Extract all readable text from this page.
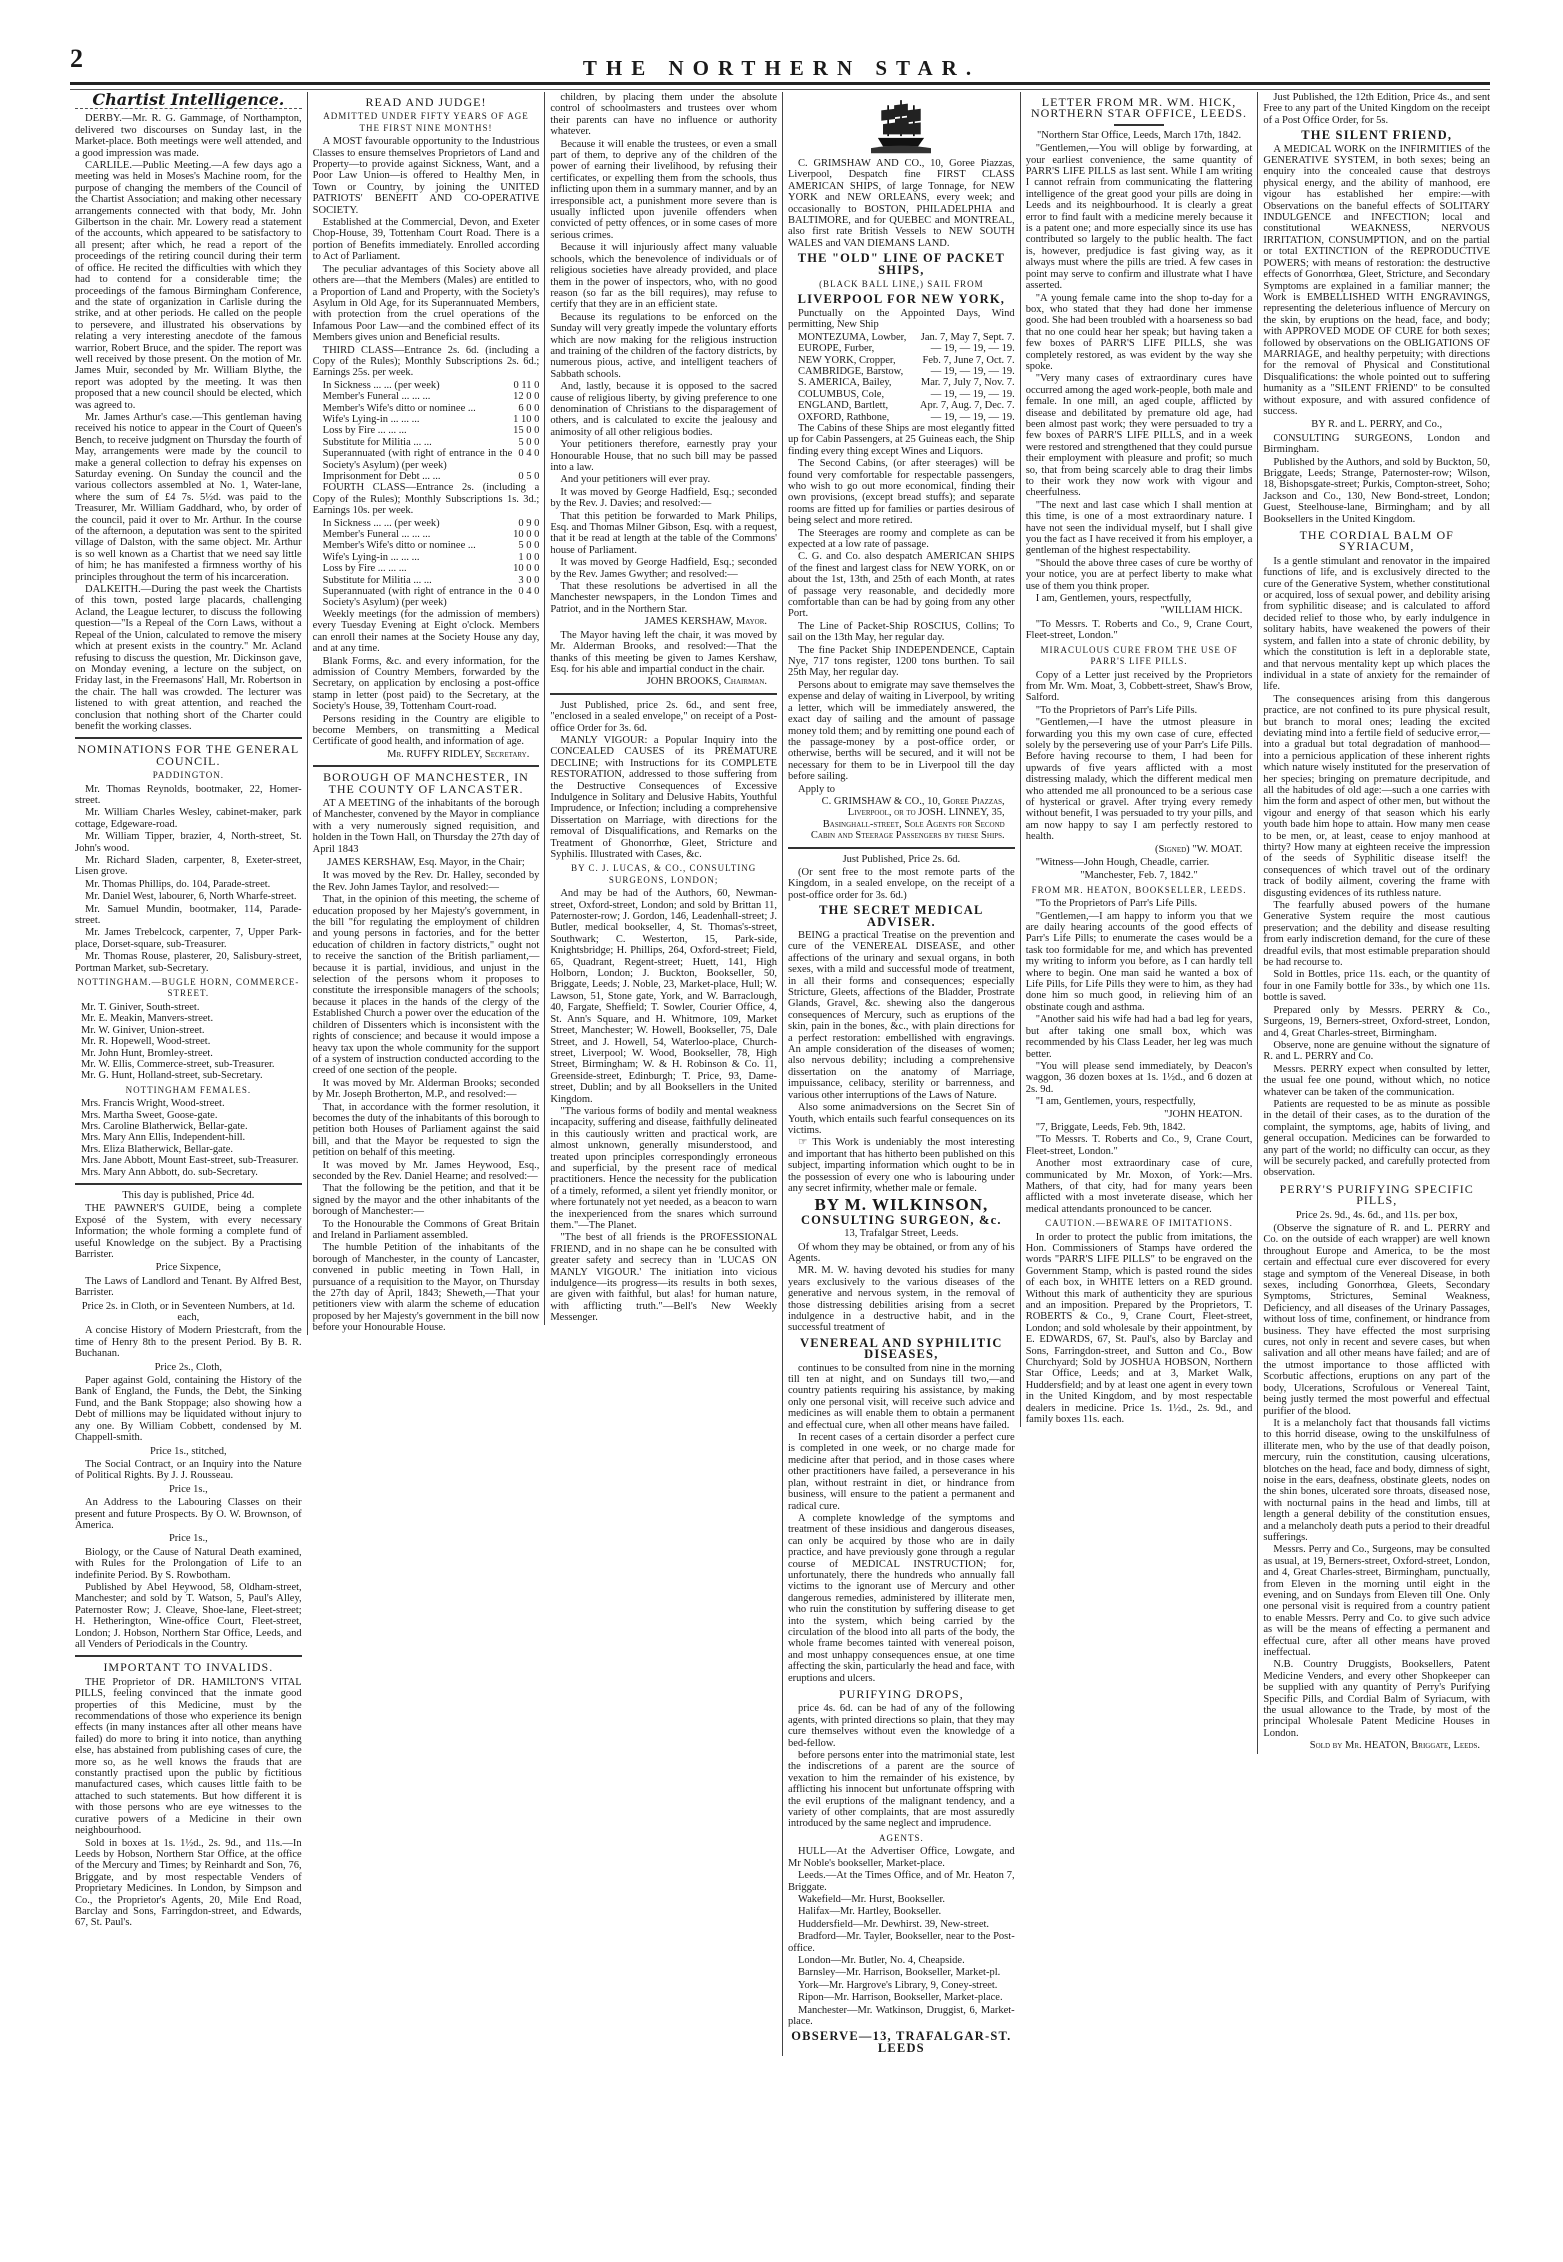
2	THE NORTHERN STAR.
Chartist Intelligence.

DERBY.—Mr. R. G. Gammage, of Northampton, delivered two discourses on Sunday last, in the Market-place. Both meetings were well attended, and a good impression was made.

CARLILE.—Public Meeting.—A few days ago a meeting was held in Moses's Machine room, for the purpose of changing the members of the Council of the Chartist Association; and making other necessary arrangements connected with that body, Mr. John Gilbertson in the chair. Mr. Lowery read a statement of the accounts, which appeared to be satisfactory to all present; after which, he read a report of the proceedings of the retiring council during their term of office. He recited the difficulties with which they had to contend for a considerable time; the proceedings of the famous Birmingham Conference, and the state of organization in Carlisle during the strike, and at other periods. He called on the people to persevere, and illustrated his observations by relating a very interesting anecdote of the famous warrior, Robert Bruce, and the spider. The report was well received by those present. On the motion of Mr. James Muir, seconded by Mr. William Blythe, the report was adopted by the meeting. It was then proposed that a new council should be elected, which was agreed to.

Mr. James Arthur's case.—This gentleman having received his notice to appear in the Court of Queen's Bench, to receive judgment on Thursday the fourth of May, arrangements were made by the council to make a general collection to defray his expenses on Saturday evening. On Sunday the council and the various collectors assembled at No. 1, Water-lane, where the sum of £4 7s. 5½d. was paid to the Treasurer, Mr. William Gaddhard, who, by order of the council, paid it over to Mr. Arthur. In the course of the afternoon, a deputation was sent to the spirited village of Dalston, with the same object. Mr. Arthur is so well known as a Chartist that we need say little of him; he has manifested a firmness worthy of his principles throughout the term of his incarceration.

DALKEITH.—During the past week the Chartists of this town, posted large placards, challenging Acland, the League lecturer, to discuss the following question—"Is a Repeal of the Corn Laws, without a Repeal of the Union, calculated to remove the misery which at present exists in the country." Mr. Acland refusing to discuss the question, Mr. Dickinson gave, on Monday evening, a lecture on the subject, on Friday last, in the Freemasons' Hall, Mr. Robertson in the chair. The hall was crowded. The lecturer was listened to with great attention, and reached the conclusion that nothing short of the Charter could benefit the working classes.

NOMINATIONS FOR THE GENERAL COUNCIL.
PADDINGTON.

Mr. Thomas Reynolds, bootmaker, 22, Homer-street.

Mr. William Charles Wesley, cabinet-maker, park cottage, Edgeware-road.

Mr. William Tipper, brazier, 4, North-street, St. John's wood.

Mr. Richard Sladen, carpenter, 8, Exeter-street, Lisen grove.

Mr. Thomas Phillips, do. 104, Parade-street.

Mr. Daniel West, labourer, 6, North Wharfe-street.

Mr. Samuel Mundin, bootmaker, 114, Parade-street.

Mr. James Trebelcock, carpenter, 7, Upper Park-place, Dorset-square, sub-Treasurer.

Mr. Thomas Rouse, plasterer, 20, Salisbury-street, Portman Market, sub-Secretary.

NOTTINGHAM.—BUGLE HORN, COMMERCE-STREET.
Mr. T. Giniver, South-street.
Mr. E. Meakin, Manvers-street.
Mr. W. Giniver, Union-street.
Mr. R. Hopewell, Wood-street.
Mr. John Hunt, Bromley-street.
Mr. W. Ellis, Commerce-street, sub-Treasurer.
Mr. G. Hunt, Holland-street, sub-Secretary.
NOTTINGHAM FEMALES.
Mrs. Francis Wright, Wood-street.
Mrs. Martha Sweet, Goose-gate.
Mrs. Caroline Blatherwick, Bellar-gate.
Mrs. Mary Ann Ellis, Independent-hill.
Mrs. Eliza Blatherwick, Bellar-gate.
Mrs. Jane Abbott, Mount East-street, sub-Treasurer.
Mrs. Mary Ann Abbott, do. sub-Secretary.
This day is published, Price 4d.

THE PAWNER'S GUIDE, being a complete Exposé of the System, with every necessary Information; the whole forming a complete fund of useful Knowledge on the subject. By a Practising Barrister.

Price Sixpence,

The Laws of Landlord and Tenant. By Alfred Best, Barrister.

Price 2s. in Cloth, or in Seventeen Numbers, at 1d. each,

A concise History of Modern Priestcraft, from the time of Henry 8th to the present Period. By B. R. Buchanan.

Price 2s., Cloth,

Paper against Gold, containing the History of the Bank of England, the Funds, the Debt, the Sinking Fund, and the Bank Stoppage; also showing how a Debt of millions may be liquidated without injury to any one. By William Cobbett, condensed by M. Chappell-smith.

Price 1s., stitched,

The Social Contract, or an Inquiry into the Nature of Political Rights. By J. J. Rousseau.

Price 1s.,

An Address to the Labouring Classes on their present and future Prospects. By O. W. Brownson, of America.

Price 1s.,

Biology, or the Cause of Natural Death examined, with Rules for the Prolongation of Life to an indefinite Period. By S. Rowbotham.

Published by Abel Heywood, 58, Oldham-street, Manchester; and sold by T. Watson, 5, Paul's Alley, Paternoster Row; J. Cleave, Shoe-lane, Fleet-street; H. Hetherington, Wine-office Court, Fleet-street, London; J. Hobson, Northern Star Office, Leeds, and all Venders of Periodicals in the Country.

IMPORTANT TO INVALIDS.

THE Proprietor of DR. HAMILTON'S VITAL PILLS, feeling convinced that the inmate good properties of this Medicine, must by the recommendations of those who experience its benign effects (in many instances after all other means have failed) do more to bring it into notice, than anything else, has abstained from publishing cases of cure, the more so, as he well knows the frauds that are constantly practised upon the public by fictitious manufactured cases, which causes little faith to be attached to such statements. But how different it is with those persons who are eye witnesses to the curative powers of a Medicine in their own neighbourhood.

Sold in boxes at 1s. 1½d., 2s. 9d., and 11s.—In Leeds by Hobson, Northern Star Office, at the office of the Mercury and Times; by Reinhardt and Son, 76, Briggate, and by most respectable Venders of Proprietary Medicines. In London, by Simpson and Co., the Proprietor's Agents, 20, Mile End Road, Barclay and Sons, Farringdon-street, and Edwards, 67, St. Paul's.

READ AND JUDGE!
ADMITTED UNDER FIFTY YEARS OF AGE THE FIRST NINE MONTHS!

A MOST favourable opportunity to the Industrious Classes to ensure themselves Proprietors of Land and Property—to provide against Sickness, Want, and a Poor Law Union—is offered to Healthy Men, in Town or Country, by joining the UNITED PATRIOTS' BENEFIT AND CO-OPERATIVE SOCIETY.

Established at the Commercial, Devon, and Exeter Chop-House, 39, Tottenham Court Road. There is a portion of Benefits immediately. Enrolled according to Act of Parliament.

The peculiar advantages of this Society above all others are—that the Members (Males) are entitled to a Proportion of Land and Property, with the Society's Asylum in Old Age, for its Superannuated Members, with protection from the cruel operations of the Infamous Poor Law—and the combined effect of its Members gives union and Beneficial results.

THIRD CLASS—Entrance 2s. 6d. (including a Copy of the Rules); Monthly Subscriptions 2s. 6d.; Earnings 25s. per week.

In Sickness ... ... (per week)	0 11 0
Member's Funeral ... ... ...	12 0 0
Member's Wife's ditto or nominee ...	6 0 0
Wife's Lying-in ... ... ...	1 10 0
Loss by Fire ... ... ...	15 0 0
Substitute for Militia ... ...	5 0 0
Superannuated (with right of entrance in the Society's Asylum) (per week)
0 4 0
Imprisonment for Debt ... ...	0 5 0

FOURTH CLASS—Entrance 2s. (including a Copy of the Rules); Monthly Subscriptions 1s. 3d.; Earnings 10s. per week.

In Sickness ... ... (per week)	0 9 0
Member's Funeral ... ... ...	10 0 0
Member's Wife's ditto or nominee ...	5 0 0
Wife's Lying-in ... ... ...	1 0 0
Loss by Fire ... ... ...	10 0 0
Substitute for Militia ... ...	3 0 0
Superannuated (with right of entrance in the Society's Asylum) (per week)
0 4 0

Weekly meetings (for the admission of members) every Tuesday Evening at Eight o'clock. Members can enroll their names at the Society House any day, and at any time.

Blank Forms, &c. and every information, for the admission of Country Members, forwarded by the Secretary, on application by enclosing a post-office stamp in letter (post paid) to the Secretary, at the Society's House, 39, Tottenham Court-road.

Persons residing in the Country are eligible to become Members, on transmitting a Medical Certificate of good health, and information of age.

Mr. RUFFY RIDLEY, Secretary.
BOROUGH OF MANCHESTER, IN THE COUNTY OF LANCASTER.

AT A MEETING of the inhabitants of the borough of Manchester, convened by the Mayor in compliance with a very numerously signed requisition, and holden in the Town Hall, on Thursday the 27th day of April 1843

JAMES KERSHAW, Esq. Mayor, in the Chair;

It was moved by the Rev. Dr. Halley, seconded by the Rev. John James Taylor, and resolved:—

That, in the opinion of this meeting, the scheme of education proposed by her Majesty's government, in the bill "for regulating the employment of children and young persons in factories, and for the better education of children in factory districts," ought not to receive the sanction of the British parliament,—because it is partial, invidious, and unjust in the selection of the persons whom it proposes to constitute the irresponsible managers of the schools; because it places in the hands of the clergy of the Established Church a power over the education of the children of Dissenters which is inconsistent with the rights of conscience; and because it would impose a heavy tax upon the whole community for the support of a system of instruction conducted according to the creed of one section of the people.

It was moved by Mr. Alderman Brooks; seconded by Mr. Joseph Brotherton, M.P., and resolved:—

That, in accordance with the former resolution, it becomes the duty of the inhabitants of this borough to petition both Houses of Parliament against the said bill, and that the Mayor be requested to sign the petition on behalf of this meeting.

It was moved by Mr. James Heywood, Esq., seconded by the Rev. Daniel Hearne; and resolved:—

That the following be the petition, and that it be signed by the mayor and the other inhabitants of the borough of Manchester:—

To the Honourable the Commons of Great Britain and Ireland in Parliament assembled.

The humble Petition of the inhabitants of the borough of Manchester, in the county of Lancaster, convened in public meeting in Town Hall, in pursuance of a requisition to the Mayor, on Thursday the 27th day of April, 1843; Sheweth,—That your petitioners view with alarm the scheme of education proposed by her Majesty's government in the bill now before your Honourable House.

children, by placing them under the absolute control of schoolmasters and trustees over whom their parents can have no influence or authority whatever.

Because it will enable the trustees, or even a small part of them, to deprive any of the children of the power of earning their livelihood, by refusing their certificates, or expelling them from the schools, thus inflicting upon them in a summary manner, and by an irresponsible act, a punishment more severe than is usually inflicted upon juvenile offenders when convicted of petty offences, or in some cases of more serious crimes.

Because it will injuriously affect many valuable schools, which the benevolence of individuals or of religious societies have already provided, and place them in the power of inspectors, who, with no good reason (so far as the bill requires), may refuse to certify that they are in an efficient state.

Because its regulations to be enforced on the Sunday will very greatly impede the voluntary efforts which are now making for the religious instruction and training of the children of the factory districts, by numerous pious, active, and intelligent teachers of Sabbath schools.

And, lastly, because it is opposed to the sacred cause of religious liberty, by giving preference to one denomination of Christians to the disparagement of others, and is calculated to excite the jealousy and animosity of all other religious bodies.

Your petitioners therefore, earnestly pray your Honourable House, that no such bill may be passed into a law.

And your petitioners will ever pray.

It was moved by George Hadfield, Esq.; seconded by the Rev. J. Davies; and resolved:—

That this petition be forwarded to Mark Philips, Esq. and Thomas Milner Gibson, Esq. with a request, that it be read at length at the table of the Commons' house of Parliament.

It was moved by George Hadfield, Esq.; seconded by the Rev. James Gwyther; and resolved:—

That these resolutions be advertised in all the Manchester newspapers, in the London Times and Patriot, and in the Northern Star.

JAMES KERSHAW, Mayor.

The Mayor having left the chair, it was moved by Mr. Alderman Brooks, and resolved:—That the thanks of this meeting be given to James Kershaw, Esq. for his able and impartial conduct in the chair.

JOHN BROOKS, Chairman.

Just Published, price 2s. 6d., and sent free, "enclosed in a sealed envelope," on receipt of a Post-office Order for 3s. 6d.

MANLY VIGOUR: a Popular Inquiry into the CONCEALED CAUSES of its PREMATURE DECLINE; with Instructions for its COMPLETE RESTORATION, addressed to those suffering from the Destructive Consequences of Excessive Indulgence in Solitary and Delusive Habits, Youthful Imprudence, or Infection; including a comprehensive Dissertation on Marriage, with directions for the removal of Disqualifications, and Remarks on the Treatment of Ghonorrhœ, Gleet, Stricture and Syphilis. Illustrated with Cases, &c.

BY C. J. LUCAS, & CO., CONSULTING SURGEONS, LONDON;

And may be had of the Authors, 60, Newman-street, Oxford-street, London; and sold by Brittan 11, Paternoster-row; J. Gordon, 146, Leadenhall-street; J. Butler, medical bookseller, 4, St. Thomas's-street, Southwark; C. Westerton, 15, Park-side, Knightsbridge; H. Phillips, 264, Oxford-street; Field, 65, Quadrant, Regent-street; Huett, 141, High Holborn, London; J. Buckton, Bookseller, 50, Briggate, Leeds; J. Noble, 23, Market-place, Hull; W. Lawson, 51, Stone gate, York, and W. Barraclough, 40, Fargate, Sheffield; T. Sowler, Courier Office, 4, St. Ann's Square, and H. Whitmore, 109, Market Street, Manchester; W. Howell, Bookseller, 75, Dale Street, and J. Howell, 54, Waterloo-place, Church-street, Liverpool; W. Wood, Bookseller, 78, High Street, Birmingham; W. & H. Robinson & Co. 11, Greenside-street, Edinburgh; T. Price, 93, Dame-street, Dublin; and by all Booksellers in the United Kingdom.

"The various forms of bodily and mental weakness incapacity, suffering and disease, faithfully delineated in this cautiously written and practical work, are almost unknown, generally misunderstood, and treated upon principles correspondingly erroneous and superficial, by the present race of medical practitioners. Hence the necessity for the publication of a timely, reformed, a silent yet friendly monitor, or where fortunately not yet needed, as a beacon to warn the inexperienced from the snares which surround them."—The Planet.

"The best of all friends is the PROFESSIONAL FRIEND, and in no shape can he be consulted with greater safety and secrecy than in 'LUCAS ON MANLY VIGOUR.' The initiation into vicious indulgence—its progress—its results in both sexes, are given with faithful, but alas! for human nature, with afflicting truth."—Bell's New Weekly Messenger.

C. GRIMSHAW AND CO., 10, Goree Piazzas, Liverpool, Despatch fine FIRST CLASS AMERICAN SHIPS, of large Tonnage, for NEW YORK and NEW ORLEANS, every week; and occasionally to BOSTON, PHILADELPHIA and BALTIMORE, and for QUEBEC and MONTREAL, also first rate British Vessels to NEW SOUTH WALES and VAN DIEMANS LAND.

THE "OLD" LINE OF PACKET SHIPS,
(BLACK BALL LINE,) SAIL FROM
LIVERPOOL FOR NEW YORK,

Punctually on the Appointed Days, Wind permitting, New Ship

MONTEZUMA, Lowber, Jan. 7, May 7, Sept. 7.
EUROPE, Furber,	— 19, — 19, — 19.
NEW YORK, Cropper,	Feb. 7, June 7, Oct. 7.
CAMBRIDGE, Barstow,	— 19, — 19, — 19.
S. AMERICA, Bailey,	Mar. 7, July 7, Nov. 7.
COLUMBUS, Cole,	— 19, — 19, — 19.
ENGLAND, Bartlett,	Apr. 7, Aug. 7, Dec. 7.
OXFORD, Rathbone,	— 19, — 19, — 19.

The Cabins of these Ships are most elegantly fitted up for Cabin Passengers, at 25 Guineas each, the Ship finding every thing except Wines and Liquors.

The Second Cabins, (or after steerages) will be found very comfortable for respectable passengers, who wish to go out more economical, finding their own provisions, (except bread stuffs); and separate rooms are fitted up for families or parties desirous of being select and more retired.

The Steerages are roomy and complete as can be expected at a low rate of passage.

C. G. and Co. also despatch AMERICAN SHIPS of the finest and largest class for NEW YORK, on or about the 1st, 13th, and 25th of each Month, at rates of passage very reasonable, and decidedly more comfortable than can be had by going from any other Port.

The Line of Packet-Ship ROSCIUS, Collins; To sail on the 13th May, her regular day.

The fine Packet Ship INDEPENDENCE, Captain Nye, 717 tons register, 1200 tons burthen. To sail 25th May, her regular day.

Persons about to emigrate may save themselves the expense and delay of waiting in Liverpool, by writing a letter, which will be immediately answered, the exact day of sailing and the amount of passage money told them; and by remitting one pound each of the passage-money by a post-office order, or otherwise, berths will be secured, and it will not be necessary for them to be in Liverpool till the day before sailing.

Apply to

C. GRIMSHAW & CO., 10, Goree Piazzas, Liverpool, or to JOSH. LINNEY, 35, Basinghall-street, Sole Agents for Second Cabin and Steerage Passengers by these Ships.
Just Published, Price 2s. 6d.

(Or sent free to the most remote parts of the Kingdom, in a sealed envelope, on the receipt of a post-office order for 3s. 6d.)

THE SECRET MEDICAL ADVISER.

BEING a practical Treatise on the prevention and cure of the VENEREAL DISEASE, and other affections of the urinary and sexual organs, in both sexes, with a mild and successful mode of treatment, in all their forms and consequences; especially Stricture, Gleets, affections of the Bladder, Prostrate Glands, Gravel, &c. shewing also the dangerous consequences of Mercury, such as eruptions of the skin, pain in the bones, &c., with plain directions for a perfect restoration: embellished with engravings. An ample consideration of the diseases of women; also nervous debility; including a comprehensive dissertation on the anatomy of Marriage, impuissance, celibacy, sterility or barrenness, and various other interruptions of the Laws of Nature.

Also some animadversions on the Secret Sin of Youth, which entails such fearful consequences on its victims.

☞ This Work is undeniably the most interesting and important that has hitherto been published on this subject, imparting information which ought to be in the possession of every one who is labouring under any secret infirmity, whether male or female.

BY M. WILKINSON,
CONSULTING SURGEON, &c.
13, Trafalgar Street, Leeds.

Of whom they may be obtained, or from any of his Agents.

MR. M. W. having devoted his studies for many years exclusively to the various diseases of the generative and nervous system, in the removal of those distressing debilities arising from a secret indulgence in a destructive habit, and in the successful treatment of

VENEREAL AND SYPHILITIC DISEASES,

continues to be consulted from nine in the morning till ten at night, and on Sundays till two,—and country patients requiring his assistance, by making only one personal visit, will receive such advice and medicines as will enable them to obtain a permanent and effectual cure, when all other means have failed.

In recent cases of a certain disorder a perfect cure is completed in one week, or no charge made for medicine after that period, and in those cases where other practitioners have failed, a perseverance in his plan, without restraint in diet, or hindrance from business, will ensure to the patient a permanent and radical cure.

A complete knowledge of the symptoms and treatment of these insidious and dangerous diseases, can only be acquired by those who are in daily practice, and have previously gone through a regular course of MEDICAL INSTRUCTION; for, unfortunately, there the hundreds who annually fall victims to the ignorant use of Mercury and other dangerous remedies, administered by illiterate men, who ruin the constitution by suffering disease to get into the system, which being carried by the circulation of the blood into all parts of the body, the whole frame becomes tainted with venereal poison, and most unhappy consequences ensue, at one time affecting the skin, particularly the head and face, with eruptions and ulcers.

PURIFYING DROPS,

price 4s. 6d. can be had of any of the following agents, with printed directions so plain, that they may cure themselves without even the knowledge of a bed-fellow.

before persons enter into the matrimonial state, lest the indiscretions of a parent are the source of vexation to him the remainder of his existence, by afflicting his innocent but unfortunate offspring with the evil eruptions of the malignant tendency, and a variety of other complaints, that are most assuredly introduced by the same neglect and imprudence.

AGENTS.

HULL—At the Advertiser Office, Lowgate, and Mr Noble's bookseller, Market-place.

Leeds.—At the Times Office, and of Mr. Heaton 7, Briggate.

Wakefield—Mr. Hurst, Bookseller.

Halifax—Mr. Hartley, Bookseller.

Huddersfield—Mr. Dewhirst. 39, New-street.

Bradford—Mr. Tayler, Bookseller, near to the Post-office.

London—Mr. Butler, No. 4, Cheapside.

Barnsley—Mr. Harrison, Bookseller, Market-pl.

York—Mr. Hargrove's Library, 9, Coney-street.

Ripon—Mr. Harrison, Bookseller, Market-place.

Manchester—Mr. Watkinson, Druggist, 6, Market-place.

OBSERVE—13, TRAFALGAR-ST. LEEDS
LETTER FROM MR. WM. HICK, NORTHERN STAR OFFICE, LEEDS.
"Northern Star Office, Leeds, March 17th, 1842.

"Gentlemen,—You will oblige by forwarding, at your earliest convenience, the same quantity of PARR'S LIFE PILLS as last sent. While I am writing I cannot refrain from communicating the flattering intelligence of the great good your pills are doing in Leeds and its neighbourhood. It is clearly a great error to find fault with a medicine merely because it is a patent one; and more especially since its use has contributed so largely to the public health. The fact is, however, predjudice is fast giving way, as it always must where the pills are tried. A few cases in point may serve to confirm and illustrate what I have asserted.

"A young female came into the shop to-day for a box, who stated that they had done her immense good. She had been troubled with a hoarseness so bad that no one could hear her speak; but having taken a few boxes of PARR'S LIFE PILLS, she was completely restored, as was evident by the way she spoke.

"Very many cases of extraordinary cures have occurred among the aged work-people, both male and female. In one mill, an aged couple, afflicted by disease and debilitated by premature old age, had been almost past work; they were persuaded to try a few boxes of PARR'S LIFE PILLS, and in a week were restored and strengthened that they could pursue their employment with pleasure and profit; so much so, that from being scarcely able to drag their limbs to their work they now work with vigour and cheerfulness.

"The next and last case which I shall mention at this time, is one of a most extraordinary nature. I have not seen the individual myself, but I shall give you the fact as I have received it from his employer, a gentleman of the highest respectability.

"Should the above three cases of cure be worthy of your notice, you are at perfect liberty to make what use of them you think proper.

I am, Gentlemen, yours, respectfully,

"WILLIAM HICK.

"To Messrs. T. Roberts and Co., 9, Crane Court, Fleet-street, London."

MIRACULOUS CURE FROM THE USE OF PARR'S LIFE PILLS.

Copy of a Letter just received by the Proprietors from Mr. Wm. Moat, 3, Cobbett-street, Shaw's Brow, Salford.

"To the Proprietors of Parr's Life Pills.

"Gentlemen,—I have the utmost pleasure in forwarding you this my own case of cure, effected solely by the persevering use of your Parr's Life Pills. Before having recourse to them, I had been for upwards of five years afflicted with a most distressing malady, which the different medical men who attended me all pronounced to be a serious case of hysterical or gravel. After trying every remedy without benefit, I was persuaded to try your pills, and am now happy to say I am perfectly restored to health.

(Signed) "W. MOAT.

"Witness—John Hough, Cheadle, carrier.

"Manchester, Feb. 7, 1842."
FROM MR. HEATON, BOOKSELLER, LEEDS.

"To the Proprietors of Parr's Life Pills.

"Gentlemen,—I am happy to inform you that we are daily hearing accounts of the good effects of Parr's Life Pills; to enumerate the cases would be a task too formidable for me, and which has prevented my writing to inform you before, as I can hardly tell where to begin. One man said he wanted a box of Life Pills, for Life Pills they were to him, as they had done him so much good, in relieving him of an obstinate cough and asthma.

"Another said his wife had had a bad leg for years, but after taking one small box, which was recommended by his Class Leader, her leg was much better.

"You will please send immediately, by Deacon's waggon, 36 dozen boxes at 1s. 1½d., and 6 dozen at 2s. 9d.

"I am, Gentlemen, yours, respectfully,

"JOHN HEATON.

"7, Briggate, Leeds, Feb. 9th, 1842.

"To Messrs. T. Roberts and Co., 9, Crane Court, Fleet-street, London."

Another most extraordinary case of cure, communicated by Mr. Moxon, of York:—Mrs. Mathers, of that city, had for many years been afflicted with a most inveterate disease, which her medical attendants pronounced to be cancer.

CAUTION.—BEWARE OF IMITATIONS.

In order to protect the public from imitations, the Hon. Commissioners of Stamps have ordered the words "PARR'S LIFE PILLS" to be engraved on the Government Stamp, which is pasted round the sides of each box, in WHITE letters on a RED ground. Without this mark of authenticity they are spurious and an imposition. Prepared by the Proprietors, T. ROBERTS & Co., 9, Crane Court, Fleet-street, London; and sold wholesale by their appointment, by E. EDWARDS, 67, St. Paul's, also by Barclay and Sons, Farringdon-street, and Sutton and Co., Bow Churchyard; Sold by JOSHUA HOBSON, Northern Star Office, Leeds; and at 3, Market Walk, Huddersfield; and by at least one agent in every town in the United Kingdom, and by most respectable dealers in medicine. Price 1s. 1½d., 2s. 9d., and family boxes 11s. each.

Just Published, the 12th Edition, Price 4s., and sent Free to any part of the United Kingdom on the receipt of a Post Office Order, for 5s.

THE SILENT FRIEND,

A MEDICAL WORK on the INFIRMITIES of the GENERATIVE SYSTEM, in both sexes; being an enquiry into the concealed cause that destroys physical energy, and the ability of manhood, ere vigour has established her empire:—with Observations on the baneful effects of SOLITARY INDULGENCE and INFECTION; local and constitutional WEAKNESS, NERVOUS IRRITATION, CONSUMPTION, and on the partial or total EXTINCTION of the REPRODUCTIVE POWERS; with means of restoration: the destructive effects of Gonorrhœa, Gleet, Stricture, and Secondary Symptoms are explained in a familiar manner; the Work is EMBELLISHED WITH ENGRAVINGS, representing the deleterious influence of Mercury on the skin, by eruptions on the head, face, and body; with APPROVED MODE OF CURE for both sexes; followed by observations on the OBLIGATIONS OF MARRIAGE, and healthy perpetuity; with directions for the removal of Physical and Constitutional Disqualifications: the whole pointed out to suffering humanity as a "SILENT FRIEND" to be consulted without exposure, and with assured confidence of success.

BY R. and L. PERRY, and Co.,

CONSULTING SURGEONS, London and Birmingham.

Published by the Authors, and sold by Buckton, 50, Briggate, Leeds; Strange, Paternoster-row; Wilson, 18, Bishopsgate-street; Purkis, Compton-street, Soho; Jackson and Co., 130, New Bond-street, London; Guest, Steelhouse-lane, Birmingham; and by all Booksellers in the United Kingdom.

THE CORDIAL BALM OF SYRIACUM,

Is a gentle stimulant and renovator in the impaired functions of life, and is exclusively directed to the cure of the Generative System, whether constitutional or acquired, loss of sexual power, and debility arising from syphilitic disease; and is calculated to afford decided relief to those who, by early indulgence in solitary habits, have weakened the powers of their system, and fallen into a state of chronic debility, by which the constitution is left in a deplorable state, and that nervous mentality kept up which places the individual in a state of anxiety for the remainder of life.

The consequences arising from this dangerous practice, are not confined to its pure physical result, but branch to moral ones; leading the excited deviating mind into a fertile field of seducive error,—into a gradual but total degradation of manhood—into a pernicious application of these inherent rights which nature wisely instituted for the preservation of her species; bringing on premature decripitude, and all the habitudes of old age:—such a one carries with him the form and aspect of other men, but without the vigour and energy of that season which his early youth bade him hope to attain. How many men cease to be men, or, at least, cease to enjoy manhood at thirty? How many at eighteen receive the impression of the seeds of Syphilitic disease itself! the consequences of which travel out of the ordinary track of bodily ailment, covering the frame with disgusting evidences of its ruthless nature.

The fearfully abused powers of the humane Generative System require the most cautious preservation; and the debility and disease resulting from early indiscretion demand, for the cure of these dreadful evils, that most estimable preparation should be had recourse to.

Sold in Bottles, price 11s. each, or the quantity of four in one Family bottle for 33s., by which one 11s. bottle is saved.

Prepared only by Messrs. PERRY & Co., Surgeons, 19, Berners-street, Oxford-street, London, and 4, Great Charles-street, Birmingham.

Observe, none are genuine without the signature of R. and L. PERRY and Co.

Messrs. PERRY expect when consulted by letter, the usual fee one pound, without which, no notice whatever can be taken of the communication.

Patients are requested to be as minute as possible in the detail of their cases, as to the duration of the complaint, the symptoms, age, habits of living, and general occupation. Medicines can be forwarded to any part of the world; no difficulty can occur, as they will be securely packed, and carefully protected from observation.

PERRY'S PURIFYING SPECIFIC PILLS,
Price 2s. 9d., 4s. 6d., and 11s. per box,

(Observe the signature of R. and L. PERRY and Co. on the outside of each wrapper) are well known throughout Europe and America, to be the most certain and effectual cure ever discovered for every stage and symptom of the Venereal Disease, in both sexes, including Gonorrhœa, Gleets, Secondary Symptoms, Strictures, Seminal Weakness, Deficiency, and all diseases of the Urinary Passages, without loss of time, confinement, or hindrance from business. They have effected the most surprising cures, not only in recent and severe cases, but when salivation and all other means have failed; and are of the utmost importance to those afflicted with Scorbutic affections, eruptions on any part of the body, Ulcerations, Scrofulous or Venereal Taint, being justly termed the most powerful and effectual purifier of the blood.

It is a melancholy fact that thousands fall victims to this horrid disease, owing to the unskilfulness of illiterate men, who by the use of that deadly poison, mercury, ruin the constitution, causing ulcerations, blotches on the head, face and body, dimness of sight, noise in the ears, deafness, obstinate gleets, nodes on the shin bones, ulcerated sore throats, diseased nose, with nocturnal pains in the head and limbs, till at length a general debility of the constitution ensues, and a melancholy death puts a period to their dreadful sufferings.

Messrs. Perry and Co., Surgeons, may be consulted as usual, at 19, Berners-street, Oxford-street, London, and 4, Great Charles-street, Birmingham, punctually, from Eleven in the morning until eight in the evening, and on Sundays from Eleven till One. Only one personal visit is required from a country patient to enable Messrs. Perry and Co. to give such advice as will be the means of effecting a permanent and effectual cure, after all other means have proved ineffectual.

N.B. Country Druggists, Booksellers, Patent Medicine Venders, and every other Shopkeeper can be supplied with any quantity of Perry's Purifying Specific Pills, and Cordial Balm of Syriacum, with the usual allowance to the Trade, by most of the principal Wholesale Patent Medicine Houses in London.

Sold by Mr. HEATON, Briggate, Leeds.
